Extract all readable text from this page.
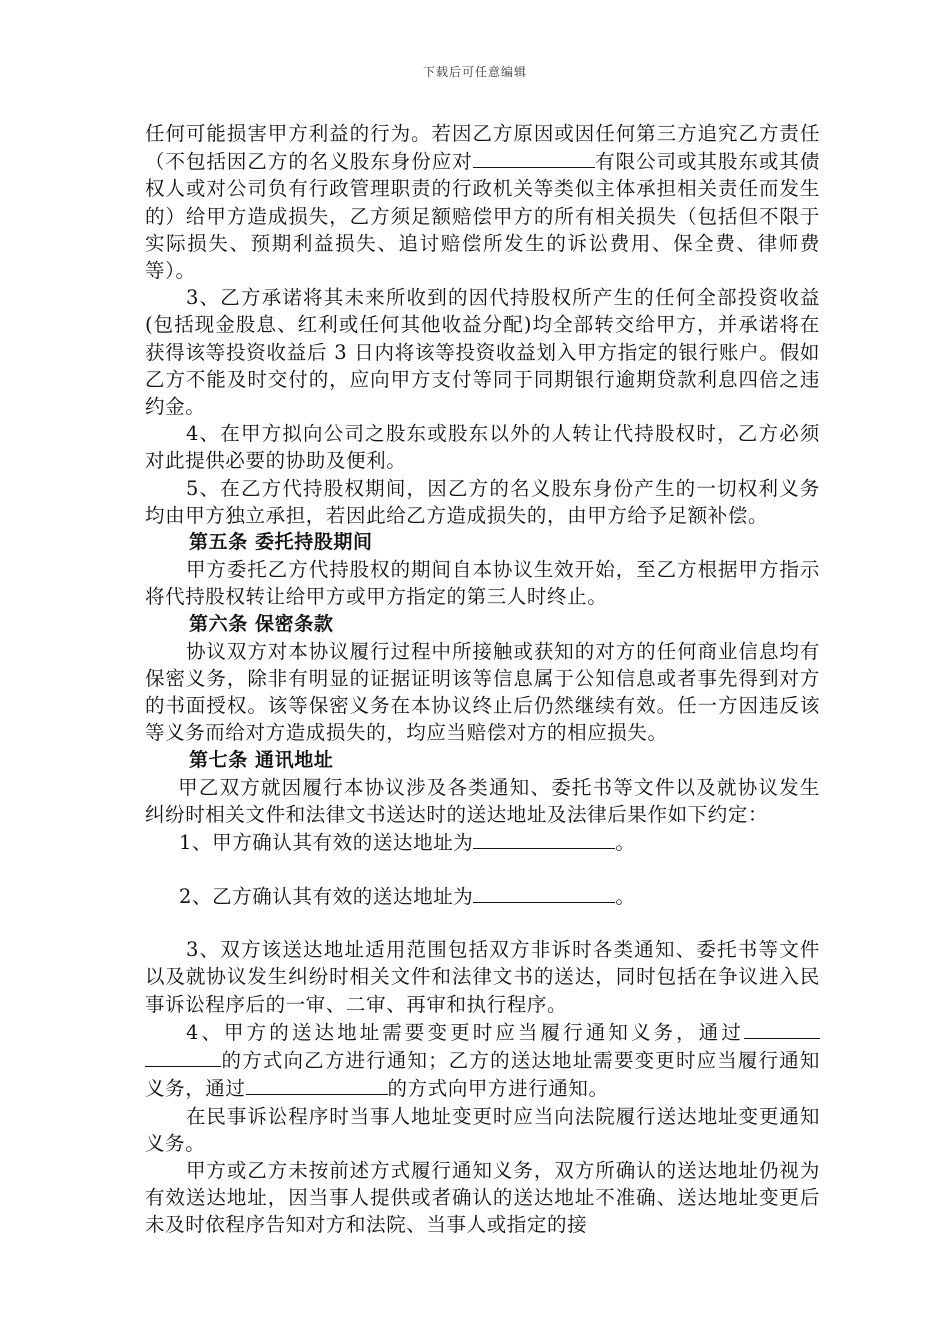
下载后可任意编辑

任何可能损害甲方利益的行为。若因乙方原因或因任何第三方追究乙方责任（不包括因乙方的名义股东身份应对	有限公司或其股东或其债权人或对公司负有行政管理职责的行政机关等类似主体承担相关责任而发生的）给甲方造成损失，乙方须足额赔偿甲方的所有相关损失（包括但不限于实际损失、预期利益损失、追讨赔偿所发生的诉讼费用、保全费、律师费等）。

3、乙方承诺将其未来所收到的因代持股权所产生的任何全部投资收益(包括现金股息、红利或任何其他收益分配)均全部转交给甲方，并承诺将在获得该等投资收益后 3 日内将该等投资收益划入甲方指定的银行账户。假如乙方不能及时交付的，应向甲方支付等同于同期银行逾期贷款利息四倍之违约金。

4、在甲方拟向公司之股东或股东以外的人转让代持股权时，乙方必须对此提供必要的协助及便利。

5、在乙方代持股权期间，因乙方的名义股东身份产生的一切权利义务均由甲方独立承担，若因此给乙方造成损失的，由甲方给予足额补偿。

第五条 委托持股期间

甲方委托乙方代持股权的期间自本协议生效开始，至乙方根据甲方指示将代持股权转让给甲方或甲方指定的第三人时终止。

第六条 保密条款

协议双方对本协议履行过程中所接触或获知的对方的任何商业信息均有保密义务，除非有明显的证据证明该等信息属于公知信息或者事先得到对方的书面授权。该等保密义务在本协议终止后仍然继续有效。任一方因违反该等义务而给对方造成损失的，均应当赔偿对方的相应损失。

第七条 通讯地址

甲乙双方就因履行本协议涉及各类通知、委托书等文件以及就协议发生纠纷时相关文件和法律文书送达时的送达地址及法律后果作如下约定：

1、甲方确认其有效的送达地址为	。

2、乙方确认其有效的送达地址为	。

3、双方该送达地址适用范围包括双方非诉时各类通知、委托书等文件以及就协议发生纠纷时相关文件和法律文书的送达，同时包括在争议进入民事诉讼程序后的一审、二审、再审和执行程序。

4、甲方的送达地址需要变更时应当履行通知义务，通过的方式向乙方进行通知；乙方的送达地址需要变更时应当履行通知义务，通过	的方式向甲方进行通知。

在民事诉讼程序时当事人地址变更时应当向法院履行送达地址变更通知义务。

甲方或乙方未按前述方式履行通知义务，双方所确认的送达地址仍视为有效送达地址，因当事人提供或者确认的送达地址不准确、送达地址变更后未及时依程序告知对方和法院、当事人或指定的接
